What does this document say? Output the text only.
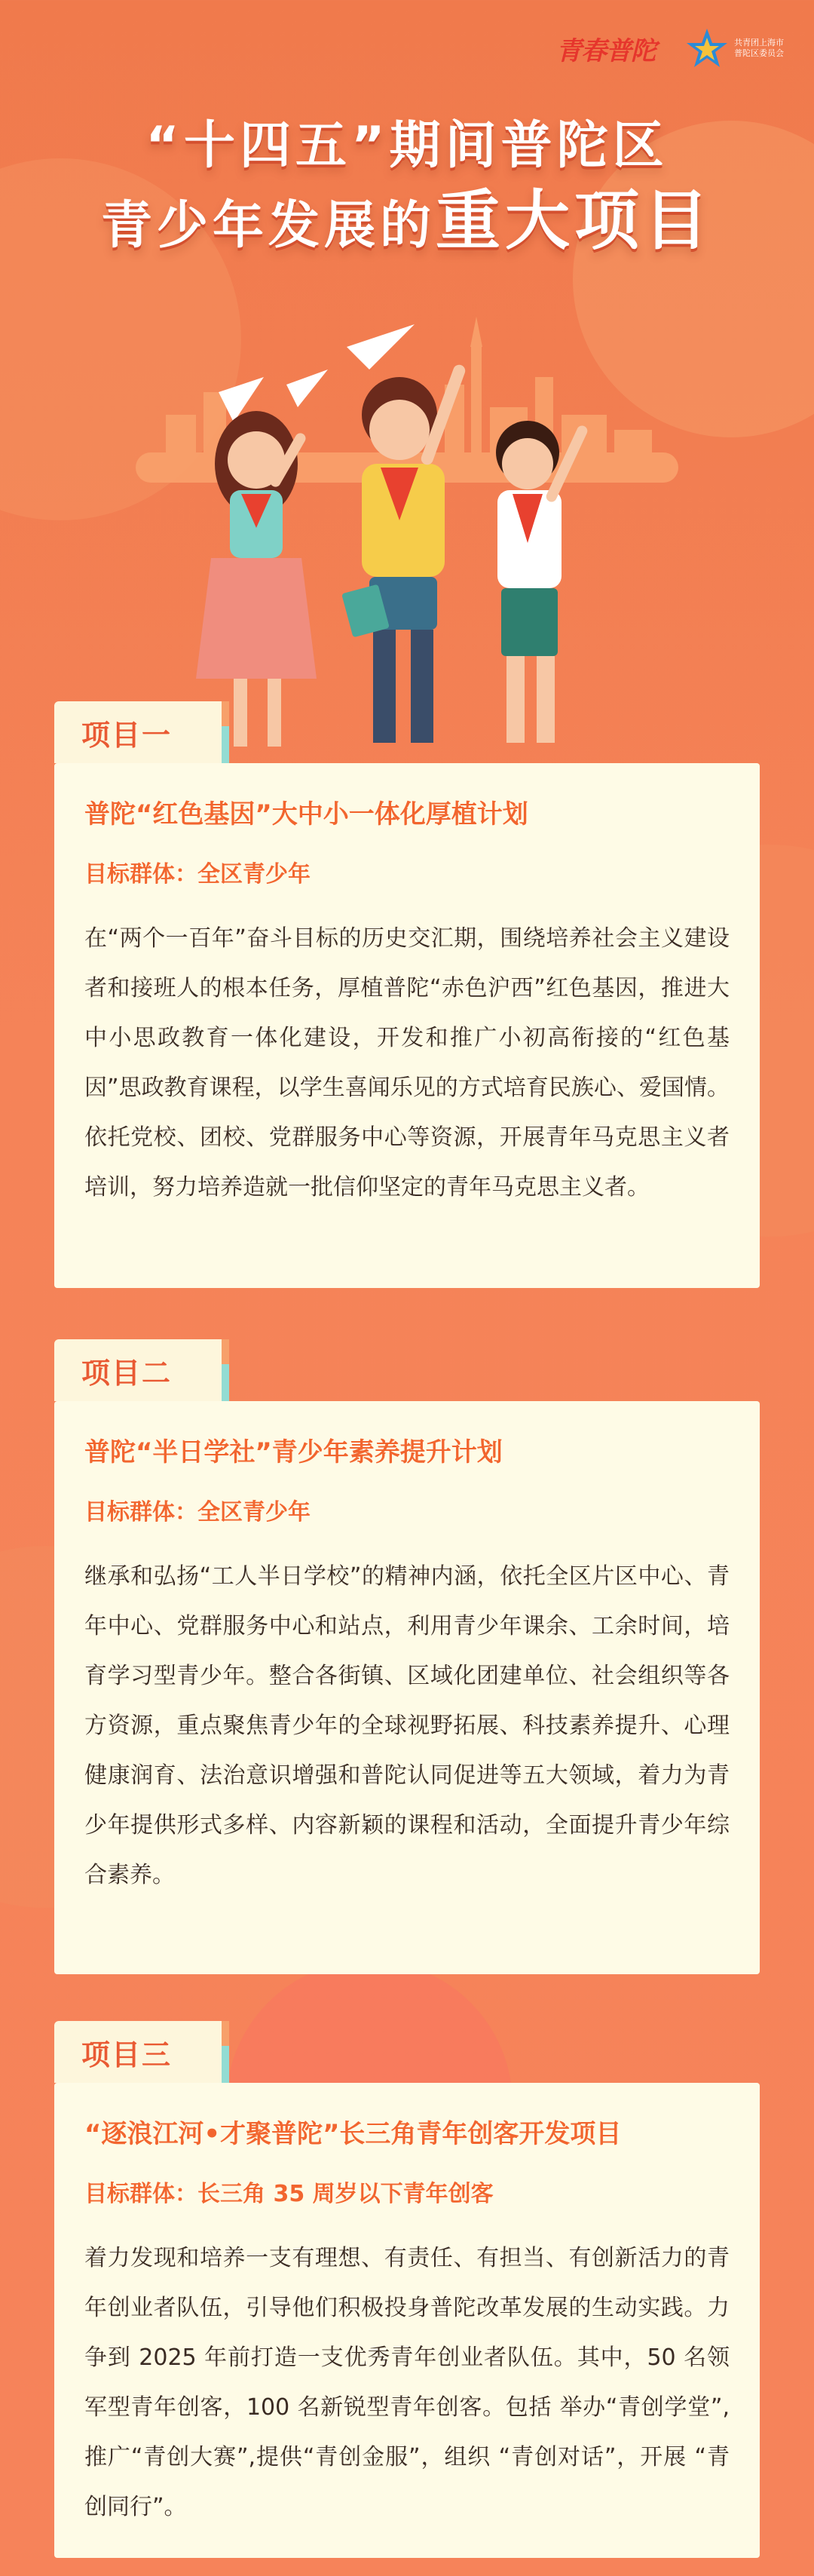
青春普陀	共青团上海市
普陀区委员会
“十四五”期间普陀区
青少年发展的重大项目
项目一
普陀“红色基因”大中小一体化厚植计划
目标群体：全区青少年
在“两个一百年”奋斗目标的历史交汇期，围绕培养社会主义建设者和接班人的根本任务，厚植普陀“赤色沪西”红色基因，推进大中小思政教育一体化建设，开发和推广小初高衔接的“红色基因”思政教育课程，以学生喜闻乐见的方式培育民族心、爱国情。依托党校、团校、党群服务中心等资源，开展青年马克思主义者培训，努力培养造就一批信仰坚定的青年马克思主义者。
项目二
普陀“半日学社”青少年素养提升计划
目标群体：全区青少年
继承和弘扬“工人半日学校”的精神内涵，依托全区片区中心、青年中心、党群服务中心和站点，利用青少年课余、工余时间，培育学习型青少年。整合各街镇、区域化团建单位、社会组织等各方资源，重点聚焦青少年的全球视野拓展、科技素养提升、心理健康润育、法治意识增强和普陀认同促进等五大领域，着力为青少年提供形式多样、内容新颖的课程和活动，全面提升青少年综合素养。
项目三
“逐浪江河•才聚普陀”长三角青年创客开发项目
目标群体：长三角 35 周岁以下青年创客
着力发现和培养一支有理想、有责任、有担当、有创新活力的青年创业者队伍，引导他们积极投身普陀改革发展的生动实践。力争到 2025 年前打造一支优秀青年创业者队伍。其中，50 名领军型青年创客，100 名新锐型青年创客。包括 举办“青创学堂”,推广“青创大赛”,提供“青创金服”，组织 “青创对话”，开展 “青创同行”。
